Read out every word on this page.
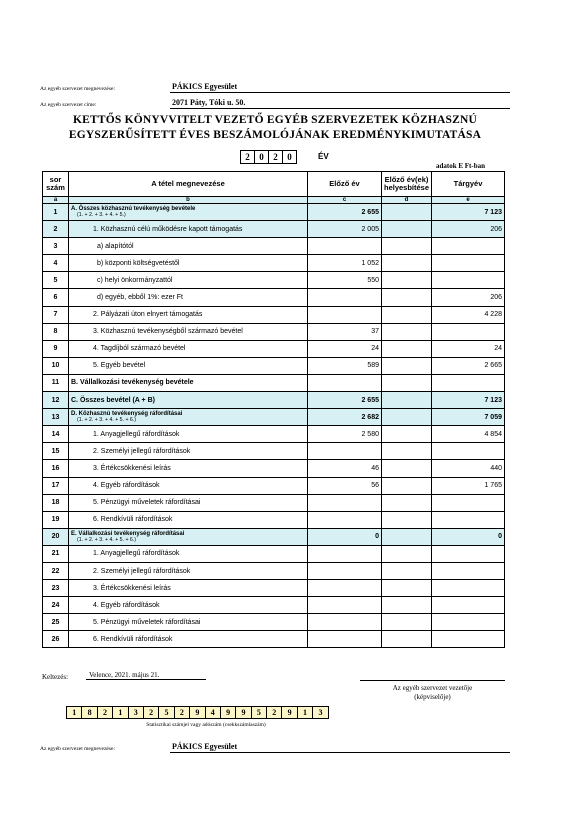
Az egyéb szervezet megnevezése:	PÁKICS Egyesület
Az egyéb szervezet címe:	2071 Páty, Tóki u. 50.
KETTŐS KÖNYVVITELT VEZETŐ EGYÉB SZERVEZETEK KÖZHASZNÚ
EGYSZERŰSÍTETT ÉVES BESZÁMOLÓJÁNAK EREDMÉNYKIMUTATÁSA
2	0	2	0	ÉV
adatok E Ft-ban
sor szám	A tétel megnevezése	Előző év	Előző év(ek) helyesbítése	Tárgyév
a	b	c	d	e
1	A. Összes közhasznú tevékenység bevétele
(1. + 2. + 3. + 4. + 5.)	2 655		7 123
2	1. Közhasznú célú működésre kapott támogatás	2 005		206
3	a) alapítótól			
4	b) központi költségvetéstől	1 052		
5	c) helyi önkormányzattól	550		
6	d) egyéb, ebből 1%: ezer Ft			206
7	2. Pályázati úton elnyert támogatás			4 228
8	3. Közhasznú tevékenységből származó bevétel	37		
9	4. Tagdíjból származó bevétel	24		24
10	5. Egyéb bevétel	589		2 665
11	B. Vállalkozási tevékenység bevétele			
12	C. Összes bevétel (A + B)	2 655		7 123
13	D. Közhasznú tevékenység ráfordításai
(1. + 2. + 3. + 4. + 5. + 6.)	2 682		7 059
14	1. Anyagjellegű ráfordítások	2 580		4 854
15	2. Személyi jellegű ráfordítások			
16	3. Értékcsökkenési leírás	46		440
17	4. Egyéb ráfordítások	56		1 765
18	5. Pénzügyi műveletek ráfordításai			
19	6. Rendkívüli ráfordítások			
20	E. Vállalkozási tevékenység ráfordításai
(1. + 2. + 3. + 4. + 5. + 6.)	0		0
21	1. Anyagjellegű ráfordítások			
22	2. Személyi jellegű ráfordítások			
23	3. Értékcsökkenési leírás			
24	4. Egyéb ráfordítások			
25	5. Pénzügyi műveletek ráfordításai			
26	6. Rendkívüli ráfordítások			
Keltezés:	Velence, 2021. május 21.
Az egyéb szervezet vezetője
(képviselője)
1	8	2	1	3	2	5	2	9	4	9	9	5	2	9	1	3
Statisztikai számjel vagy adószám (csekkszámlaszám)
Az egyéb szervezet megnevezése:	PÁKICS Egyesület
